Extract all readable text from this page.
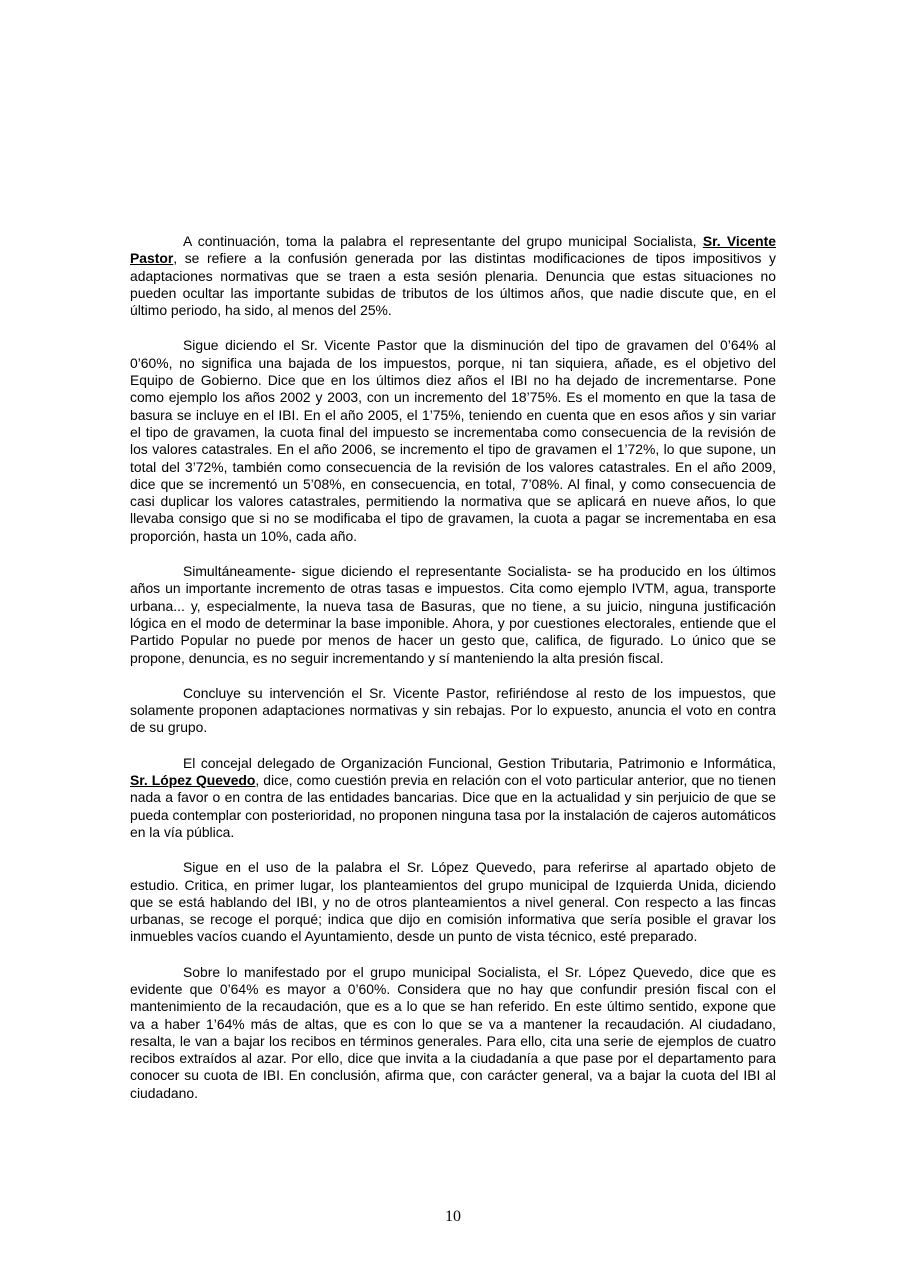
A continuación, toma la palabra el representante del grupo municipal Socialista, Sr. Vicente Pastor, se refiere a la confusión generada por las distintas modificaciones de tipos impositivos y adaptaciones normativas que se traen a esta sesión plenaria. Denuncia que estas situaciones no pueden ocultar las importante subidas de tributos de los últimos años, que nadie discute que, en el último periodo, ha sido, al menos del 25%.

Sigue diciendo el Sr. Vicente Pastor que la disminución del tipo de gravamen del 0’64% al 0’60%, no significa una bajada de los impuestos, porque, ni tan siquiera, añade, es el objetivo del Equipo de Gobierno. Dice que en los últimos diez años el IBI no ha dejado de incrementarse. Pone como ejemplo los años 2002 y 2003, con un incremento del 18’75%. Es el momento en que la tasa de basura se incluye en el IBI. En el año 2005, el 1’75%, teniendo en cuenta que en esos años y sin variar el tipo de gravamen, la cuota final del impuesto se incrementaba como consecuencia de la revisión de los valores catastrales. En el año 2006, se incremento el tipo de gravamen el 1’72%, lo que supone, un total del 3’72%, también como consecuencia de la revisión de los valores catastrales. En el año 2009, dice que se incrementó un 5’08%, en consecuencia, en total, 7’08%. Al final, y como consecuencia de casi duplicar los valores catastrales, permitiendo la normativa que se aplicará en nueve años, lo que llevaba consigo que si no se modificaba el tipo de gravamen, la cuota a pagar se incrementaba en esa proporción, hasta un 10%, cada año.

Simultáneamente- sigue diciendo el representante Socialista- se ha producido en los últimos años un importante incremento de otras tasas e impuestos. Cita como ejemplo IVTM, agua, transporte urbana... y, especialmente, la nueva tasa de Basuras, que no tiene, a su juicio, ninguna justificación lógica en el modo de determinar la base imponible. Ahora, y por cuestiones electorales, entiende que el Partido Popular no puede por menos de hacer un gesto que, califica, de figurado. Lo único que se propone, denuncia, es no seguir incrementando y sí manteniendo la alta presión fiscal.

Concluye su intervención el Sr. Vicente Pastor, refiriéndose al resto de los impuestos, que solamente proponen adaptaciones normativas y sin rebajas. Por lo expuesto, anuncia el voto en contra de su grupo.

El concejal delegado de Organización Funcional, Gestion Tributaria, Patrimonio e Informática, Sr. López Quevedo, dice, como cuestión previa en relación con el voto particular anterior, que no tienen nada a favor o en contra de las entidades bancarias. Dice que en la actualidad y sin perjuicio de que se pueda contemplar con posterioridad, no proponen ninguna tasa por la instalación de cajeros automáticos en la vía pública.

Sigue en el uso de la palabra el Sr. López Quevedo, para referirse al apartado objeto de estudio. Critica, en primer lugar, los planteamientos del grupo municipal de Izquierda Unida, diciendo que se está hablando del IBI, y no de otros planteamientos a nivel general. Con respecto a las fincas urbanas, se recoge el porqué; indica que dijo en comisión informativa que sería posible el gravar los inmuebles vacíos cuando el Ayuntamiento, desde un punto de vista técnico, esté preparado.

Sobre lo manifestado por el grupo municipal Socialista, el Sr. López Quevedo, dice que es evidente que 0’64% es mayor a 0’60%. Considera que no hay que confundir presión fiscal con el mantenimiento de la recaudación, que es a lo que se han referido. En este último sentido, expone que va a haber 1’64% más de altas, que es con lo que se va a mantener la recaudación. Al ciudadano, resalta, le van a bajar los recibos en términos generales. Para ello, cita una serie de ejemplos de cuatro recibos extraídos al azar. Por ello, dice que invita a la ciudadanía a que pase por el departamento para conocer su cuota de IBI. En conclusión, afirma que, con carácter general, va a bajar la cuota del IBI al ciudadano.

10
